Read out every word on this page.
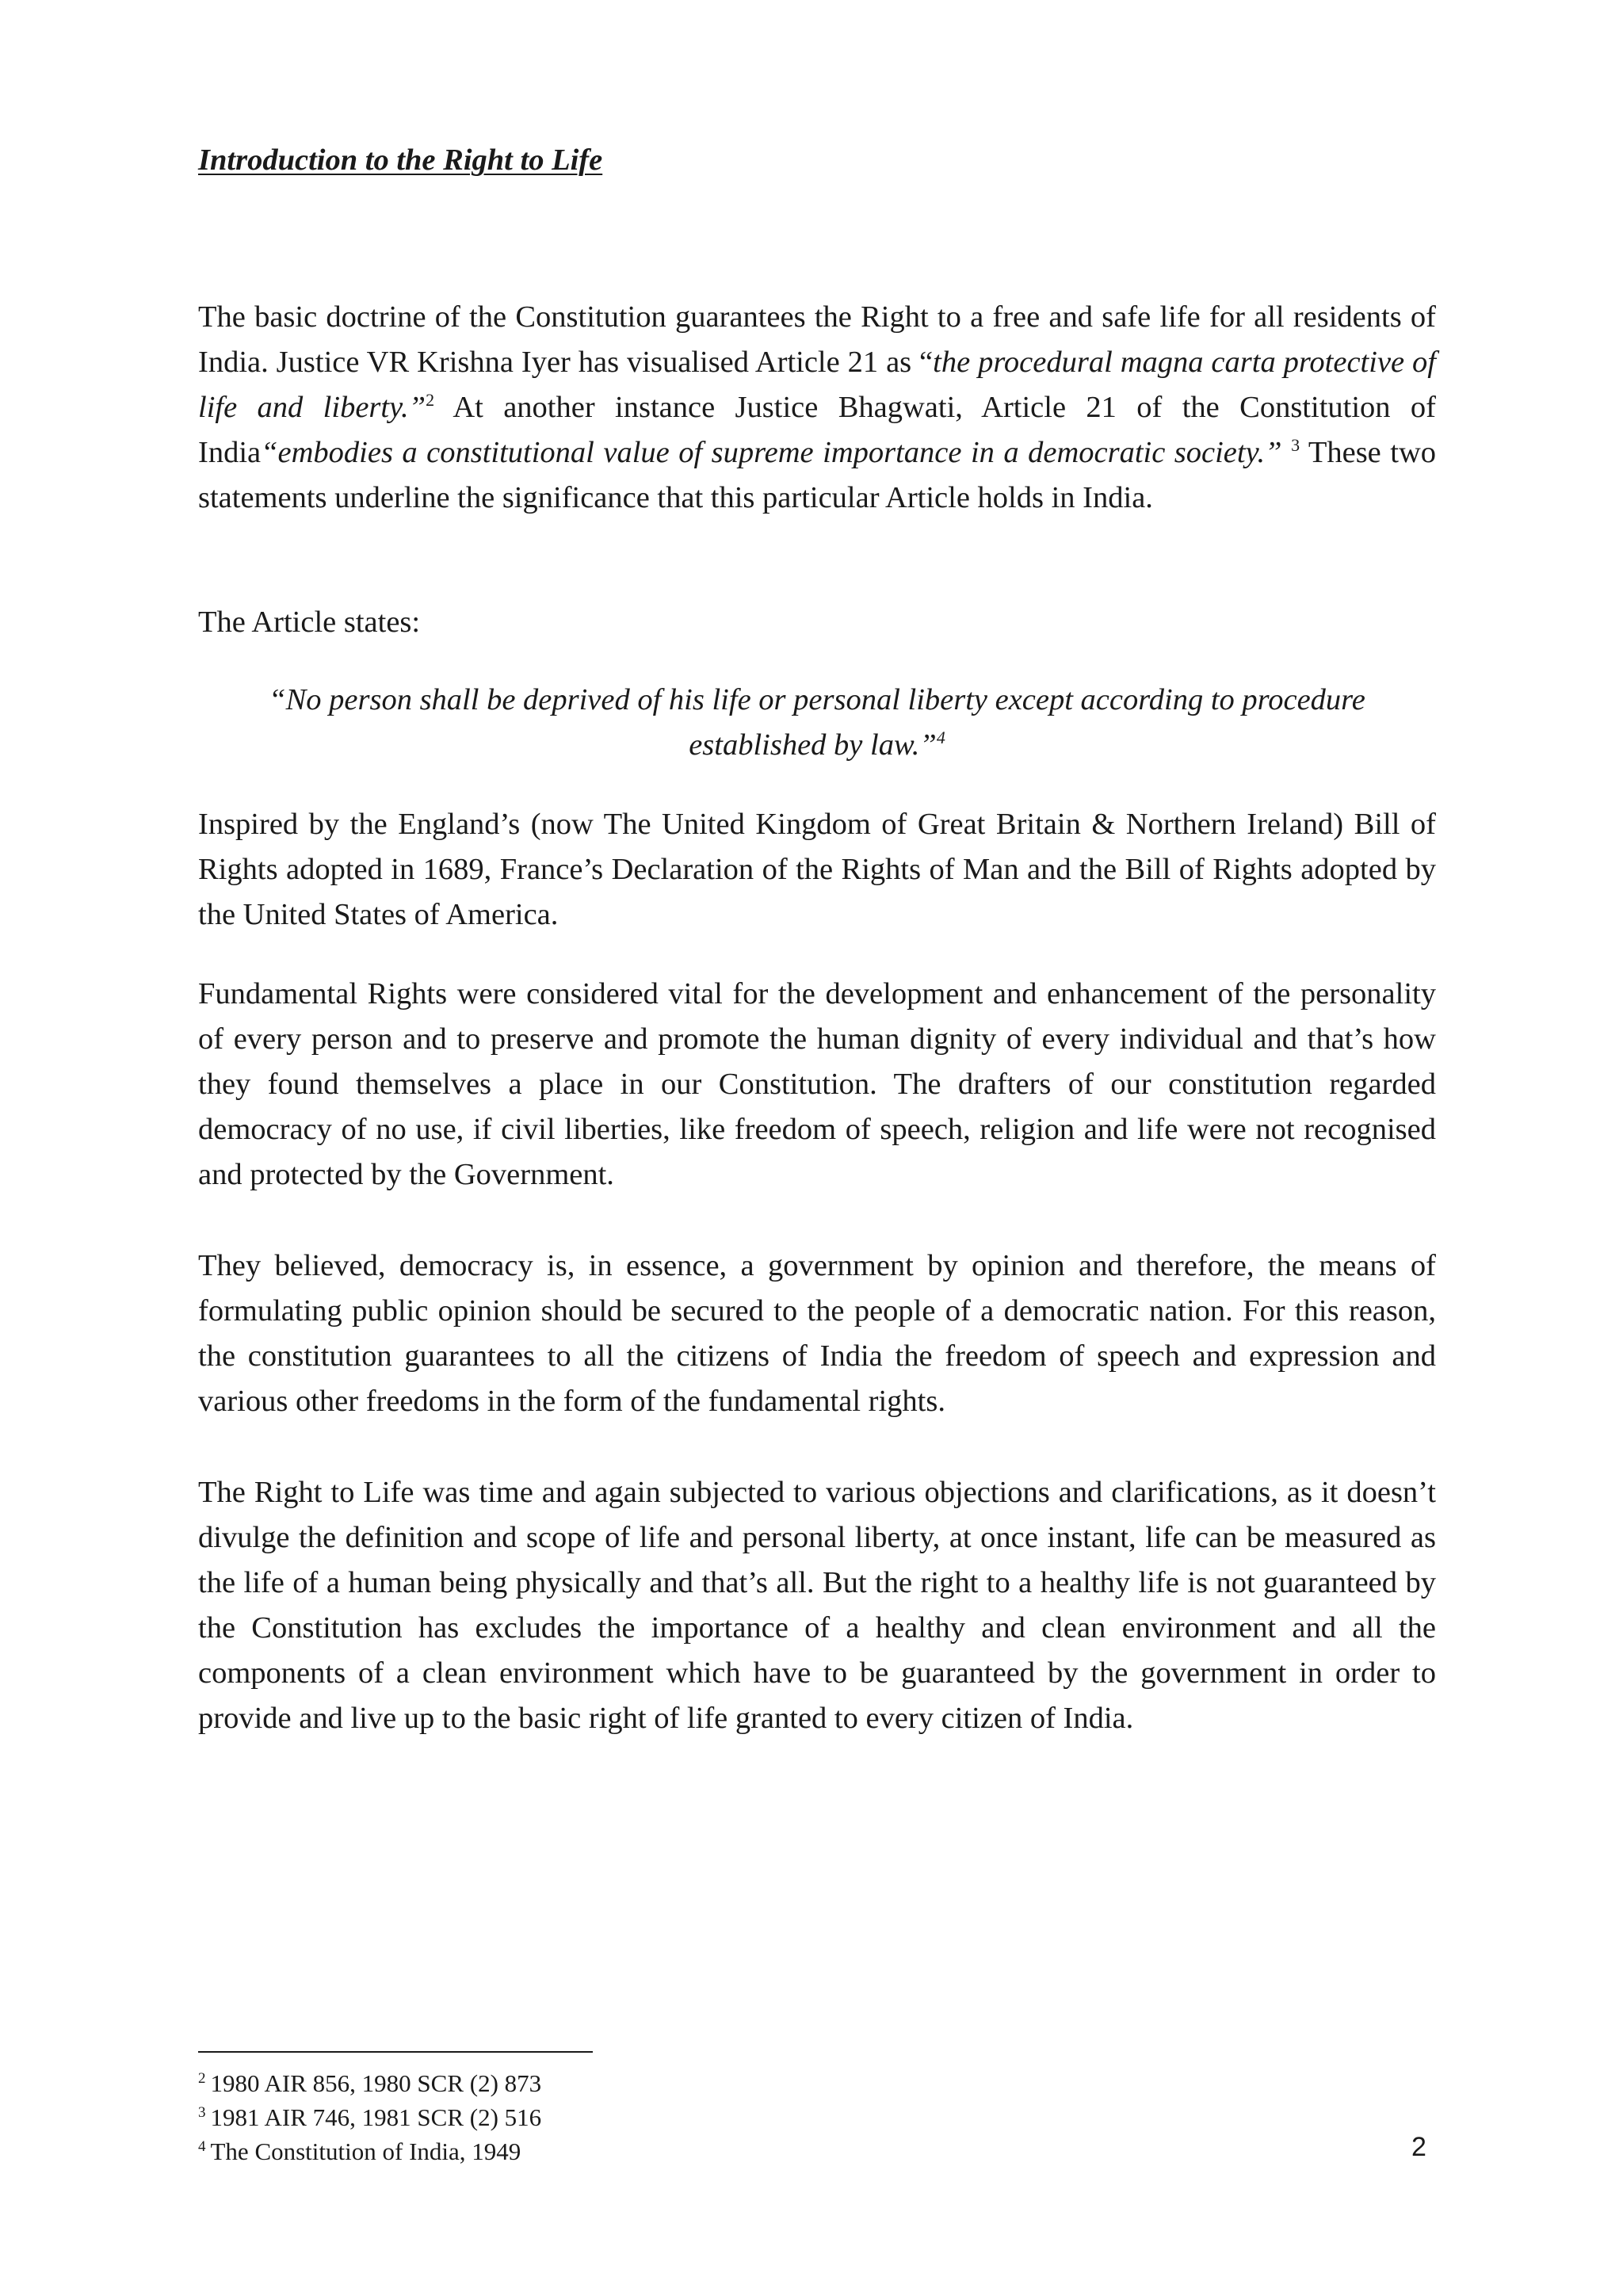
Introduction to the Right to Life

The basic doctrine of the Constitution guarantees the Right to a free and safe life for all residents of India. Justice VR Krishna Iyer has visualised Article 21 as “the procedural magna carta protective of life and liberty.”$^2$ At another instance Justice Bhagwati, Article 21 of the Constitution of India“embodies a constitutional value of supreme importance in a democratic society.” $^3$ These two statements underline the significance that this particular Article holds in India.

The Article states:

“No person shall be deprived of his life or personal liberty except according to procedure established by law.”$^4$

Inspired by the England’s (now The United Kingdom of Great Britain & Northern Ireland) Bill of Rights adopted in 1689, France’s Declaration of the Rights of Man and the Bill of Rights adopted by the United States of America.

Fundamental Rights were considered vital for the development and enhancement of the personality of every person and to preserve and promote the human dignity of every individual and that’s how they found themselves a place in our Constitution. The drafters of our constitution regarded democracy of no use, if civil liberties, like freedom of speech, religion and life were not recognised and protected by the Government.

They believed, democracy is, in essence, a government by opinion and therefore, the means of formulating public opinion should be secured to the people of a democratic nation. For this reason, the constitution guarantees to all the citizens of India the freedom of speech and expression and various other freedoms in the form of the fundamental rights.

The Right to Life was time and again subjected to various objections and clarifications, as it doesn’t divulge the definition and scope of life and personal liberty, at once instant, life can be measured as the life of a human being physically and that’s all. But the right to a healthy life is not guaranteed by the Constitution has excludes the importance of a healthy and clean environment and all the components of a clean environment which have to be guaranteed by the government in order to provide and live up to the basic right of life granted to every citizen of India.

$^2$ 1980 AIR 856, 1980 SCR (2) 873
$^3$ 1981 AIR 746, 1981 SCR (2) 516
$^4$ The Constitution of India, 1949	2
